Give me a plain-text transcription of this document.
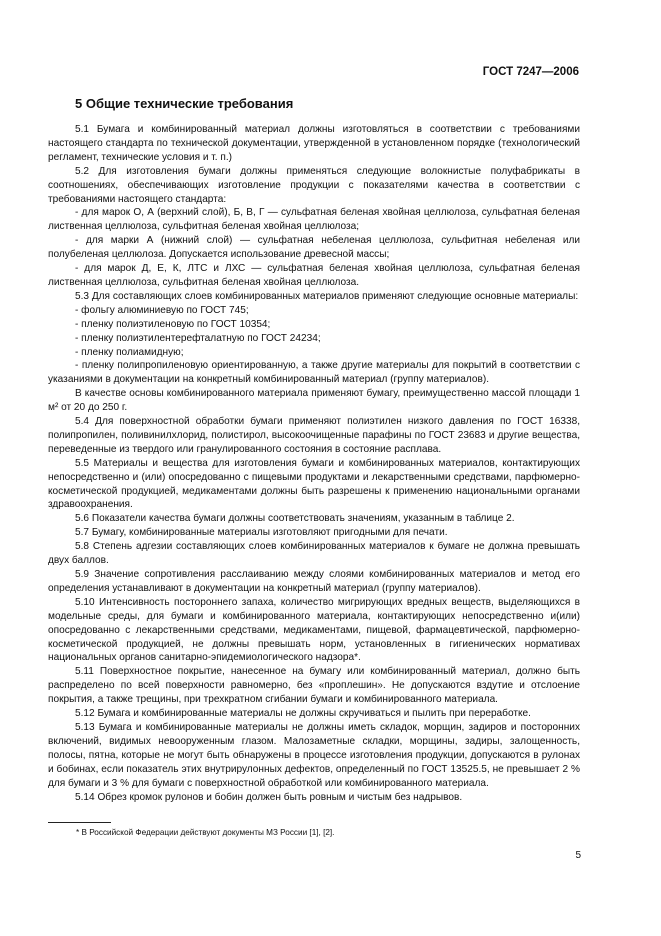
ГОСТ 7247—2006
5 Общие технические требования

5.1 Бумага и комбинированный материал должны изготовляться в соответствии с требованиями настоящего стандарта по технической документации, утвержденной в установленном порядке (технологический регламент, технические условия и т. п.)

5.2 Для изготовления бумаги должны применяться следующие волокнистые полуфабрикаты в соотношениях, обеспечивающих изготовление продукции с показателями качества в соответствии с требованиями настоящего стандарта:

- для марок О, А (верхний слой), Б, В, Г — сульфатная беленая хвойная целлюлоза, сульфатная беленая лиственная целлюлоза, сульфитная беленая хвойная целлюлоза;

- для марки А (нижний слой) — сульфатная небеленая целлюлоза, сульфитная небеленая или полубеленая целлюлоза. Допускается использование древесной массы;

- для марок Д, Е, К, ЛТС и ЛХС — сульфатная беленая хвойная целлюлоза, сульфатная беленая лиственная целлюлоза, сульфитная беленая хвойная целлюлоза.

5.3 Для составляющих слоев комбинированных материалов применяют следующие основные материалы:

- фольгу алюминиевую по ГОСТ 745;

- пленку полиэтиленовую по ГОСТ 10354;

- пленку полиэтилентерефталатную по ГОСТ 24234;

- пленку полиамидную;

- пленку полипропиленовую ориентированную, а также другие материалы для покрытий в соответствии с указаниями в документации на конкретный комбинированный материал (группу материалов).

В качестве основы комбинированного материала применяют бумагу, преимущественно массой площади 1 м² от 20 до 250 г.

5.4 Для поверхностной обработки бумаги применяют полиэтилен низкого давления по ГОСТ 16338, полипропилен, поливинилхлорид, полистирол, высокоочищенные парафины по ГОСТ 23683 и другие вещества, переведенные из твердого или гранулированного состояния в состояние расплава.

5.5 Материалы и вещества для изготовления бумаги и комбинированных материалов, контактирующих непосредственно и (или) опосредованно с пищевыми продуктами и лекарственными средствами, парфюмерно-косметической продукцией, медикаментами должны быть разрешены к применению национальными органами здравоохранения.

5.6 Показатели качества бумаги должны соответствовать значениям, указанным в таблице 2.

5.7 Бумагу, комбинированные материалы изготовляют пригодными для печати.

5.8 Степень адгезии составляющих слоев комбинированных материалов к бумаге не должна превышать двух баллов.

5.9 Значение сопротивления расслаиванию между слоями комбинированных материалов и метод его определения устанавливают в документации на конкретный материал (группу материалов).

5.10 Интенсивность постороннего запаха, количество мигрирующих вредных веществ, выделяющихся в модельные среды, для бумаги и комбинированного материала, контактирующих непосредственно и(или) опосредованно с лекарственными средствами, медикаментами, пищевой, фармацевтической, парфюмерно-косметической продукцией, не должны превышать норм, установленных в гигиенических нормативах национальных органов санитарно-эпидемиологического надзора*.

5.11 Поверхностное покрытие, нанесенное на бумагу или комбинированный материал, должно быть распределено по всей поверхности равномерно, без «проплешин». Не допускаются вздутие и отслоение покрытия, а также трещины, при трехкратном сгибании бумаги и комбинированного материала.

5.12 Бумага и комбинированные материалы не должны скручиваться и пылить при переработке.

5.13 Бумага и комбинированные материалы не должны иметь складок, морщин, задиров и посторонних включений, видимых невооруженным глазом. Малозаметные складки, морщины, задиры, залощенность, полосы, пятна, которые не могут быть обнаружены в процессе изготовления продукции, допускаются в рулонах и бобинах, если показатель этих внутрирулонных дефектов, определенный по ГОСТ 13525.5, не превышает 2 % для бумаги и 3 % для бумаги с поверхностной обработкой или комбинированного материала.

5.14 Обрез кромок рулонов и бобин должен быть ровным и чистым без надрывов.

* В Российской Федерации действуют документы МЗ России [1], [2].
5
